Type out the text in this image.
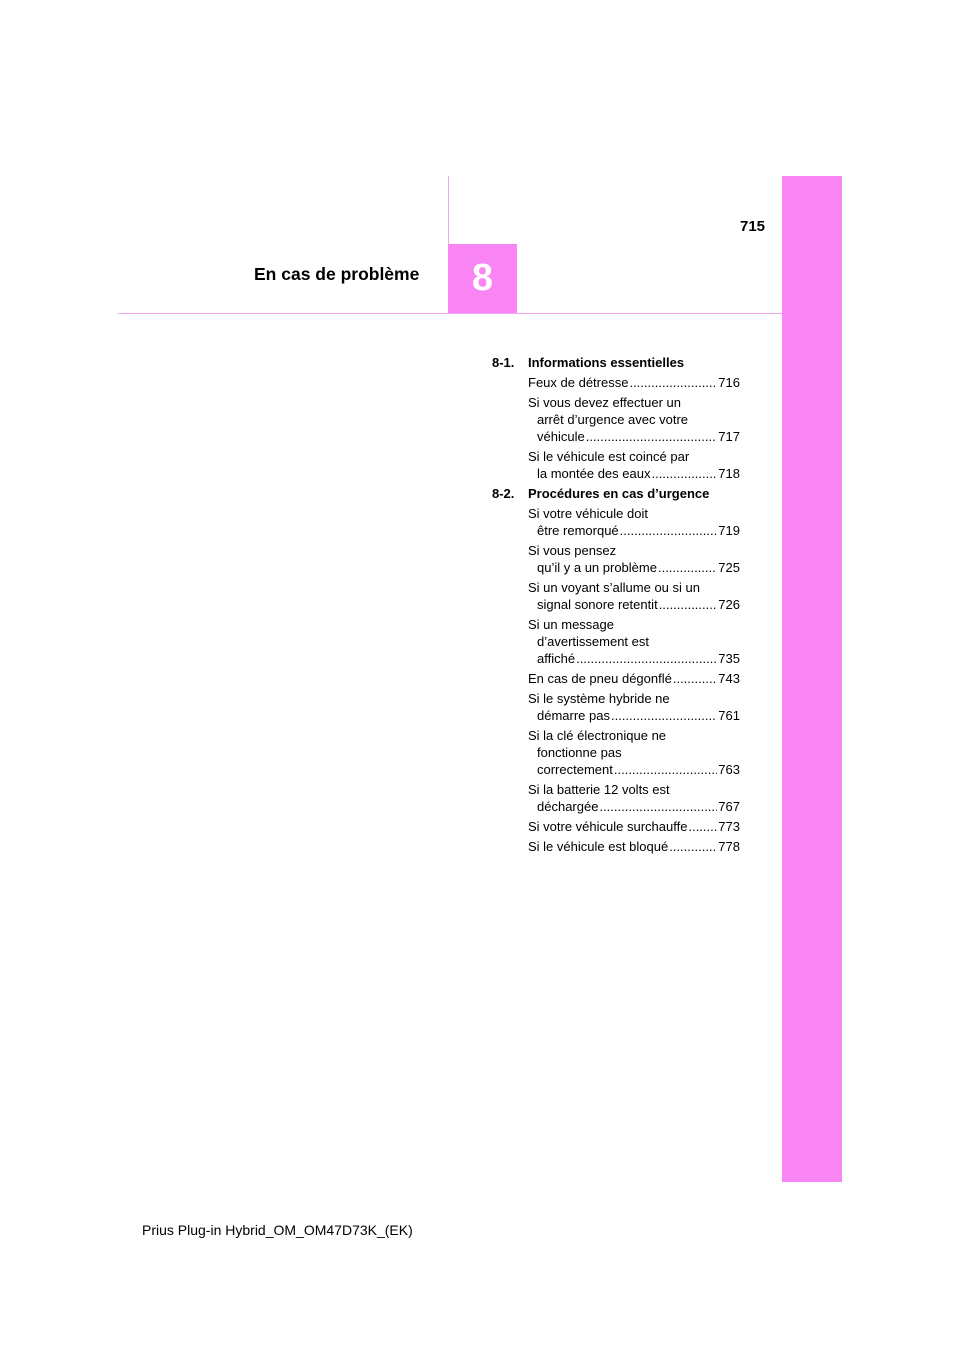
8
En cas de problème
715
8-1.	Informations essentielles
Feux de détresse .....	716
Si vous devez effectuer un
arrêt d’urgence avec votre
véhicule .....	717
Si le véhicule est coincé par
la montée des eaux .....	718
8-2.	Procédures en cas d’urgence
Si votre véhicule doit
être remorqué .....	719
Si vous pensez
qu’il y a un problème .....	725
Si un voyant s’allume ou si un
signal sonore retentit .....	726
Si un message
d’avertissement est
affiché .....	735
En cas de pneu dégonflé .....	743
Si le système hybride ne
démarre pas .....	761
Si la clé électronique ne
fonctionne pas
correctement .....	763
Si la batterie 12 volts est
déchargée .....	767
Si votre véhicule surchauffe ..... 773
Si le véhicule est bloqué .....	778
Prius Plug-in Hybrid_OM_OM47D73K_(EK)
